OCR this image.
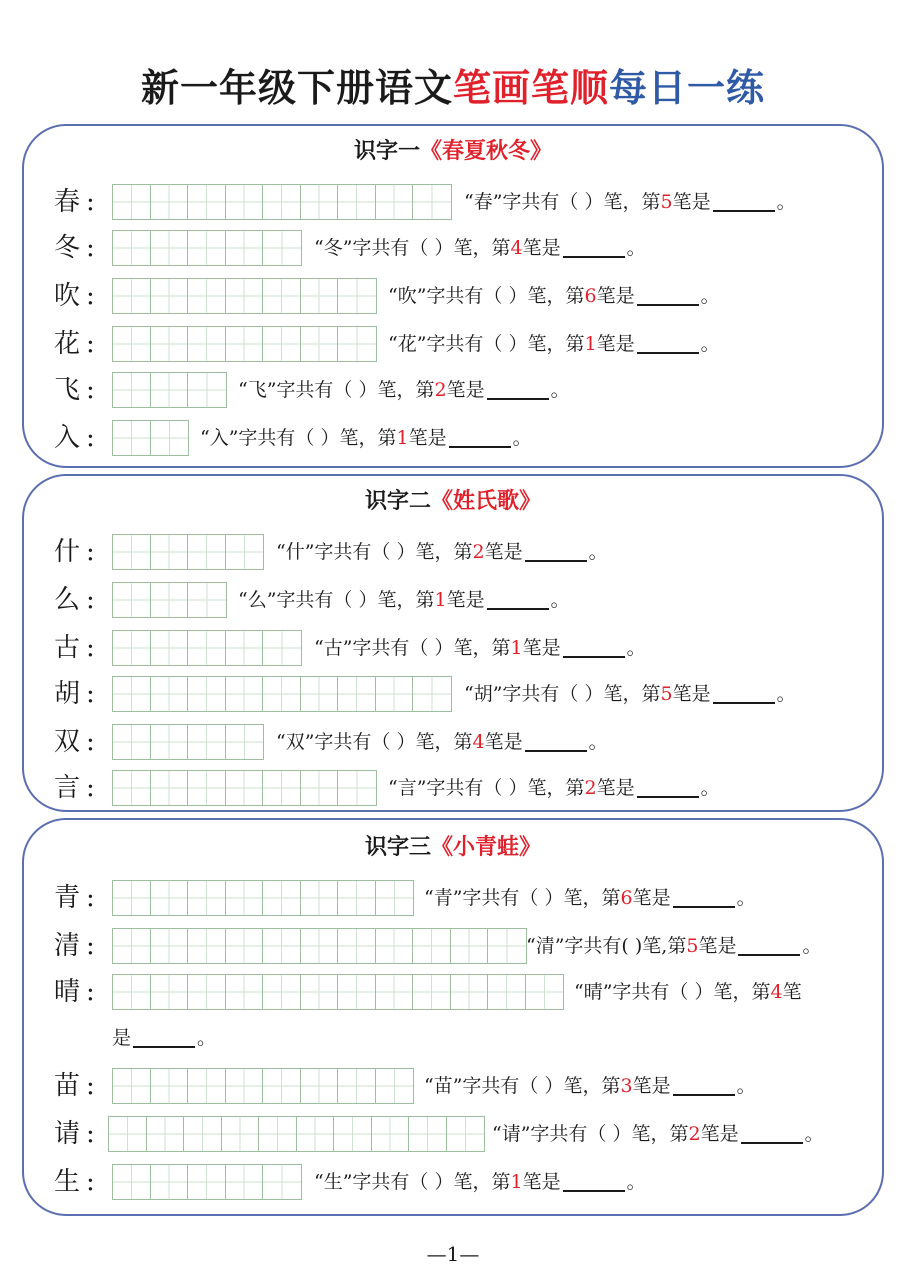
新一年级下册语文笔画笔顺每日一练
识字一《春夏秋冬》
春 :	“春”字共有（ ）笔，第5笔是	。
冬 :	“冬”字共有（ ）笔，第4笔是	。
吹 :	“吹”字共有（ ）笔，第6笔是	。
花 :	“花”字共有（ ）笔，第1笔是	。
飞 :	“飞”字共有（ ）笔，第2笔是	。
入 :	“入”字共有（ ）笔，第1笔是	。
识字二《姓氏歌》
什 :	“什”字共有（ ）笔，第2笔是	。
么 :	“么”字共有（ ）笔，第1笔是	。
古 :	“古”字共有（ ）笔，第1笔是	。
胡 :	“胡”字共有（ ）笔，第5笔是	。
双 :	“双”字共有（ ）笔，第4笔是	。
言 :	“言”字共有（ ）笔，第2笔是	。
识字三《小青蛙》
青 :	“青”字共有（ ）笔，第6笔是	。
清 :	“清”字共有( )笔,第5笔是	。
晴 :	“晴”字共有（ ）笔，第4笔
是	。
苗 :	“苗”字共有（ ）笔，第3笔是	。
请 :	“请”字共有（ ）笔，第2笔是	。
生 :	“生”字共有（ ）笔，第1笔是	。
—1—
